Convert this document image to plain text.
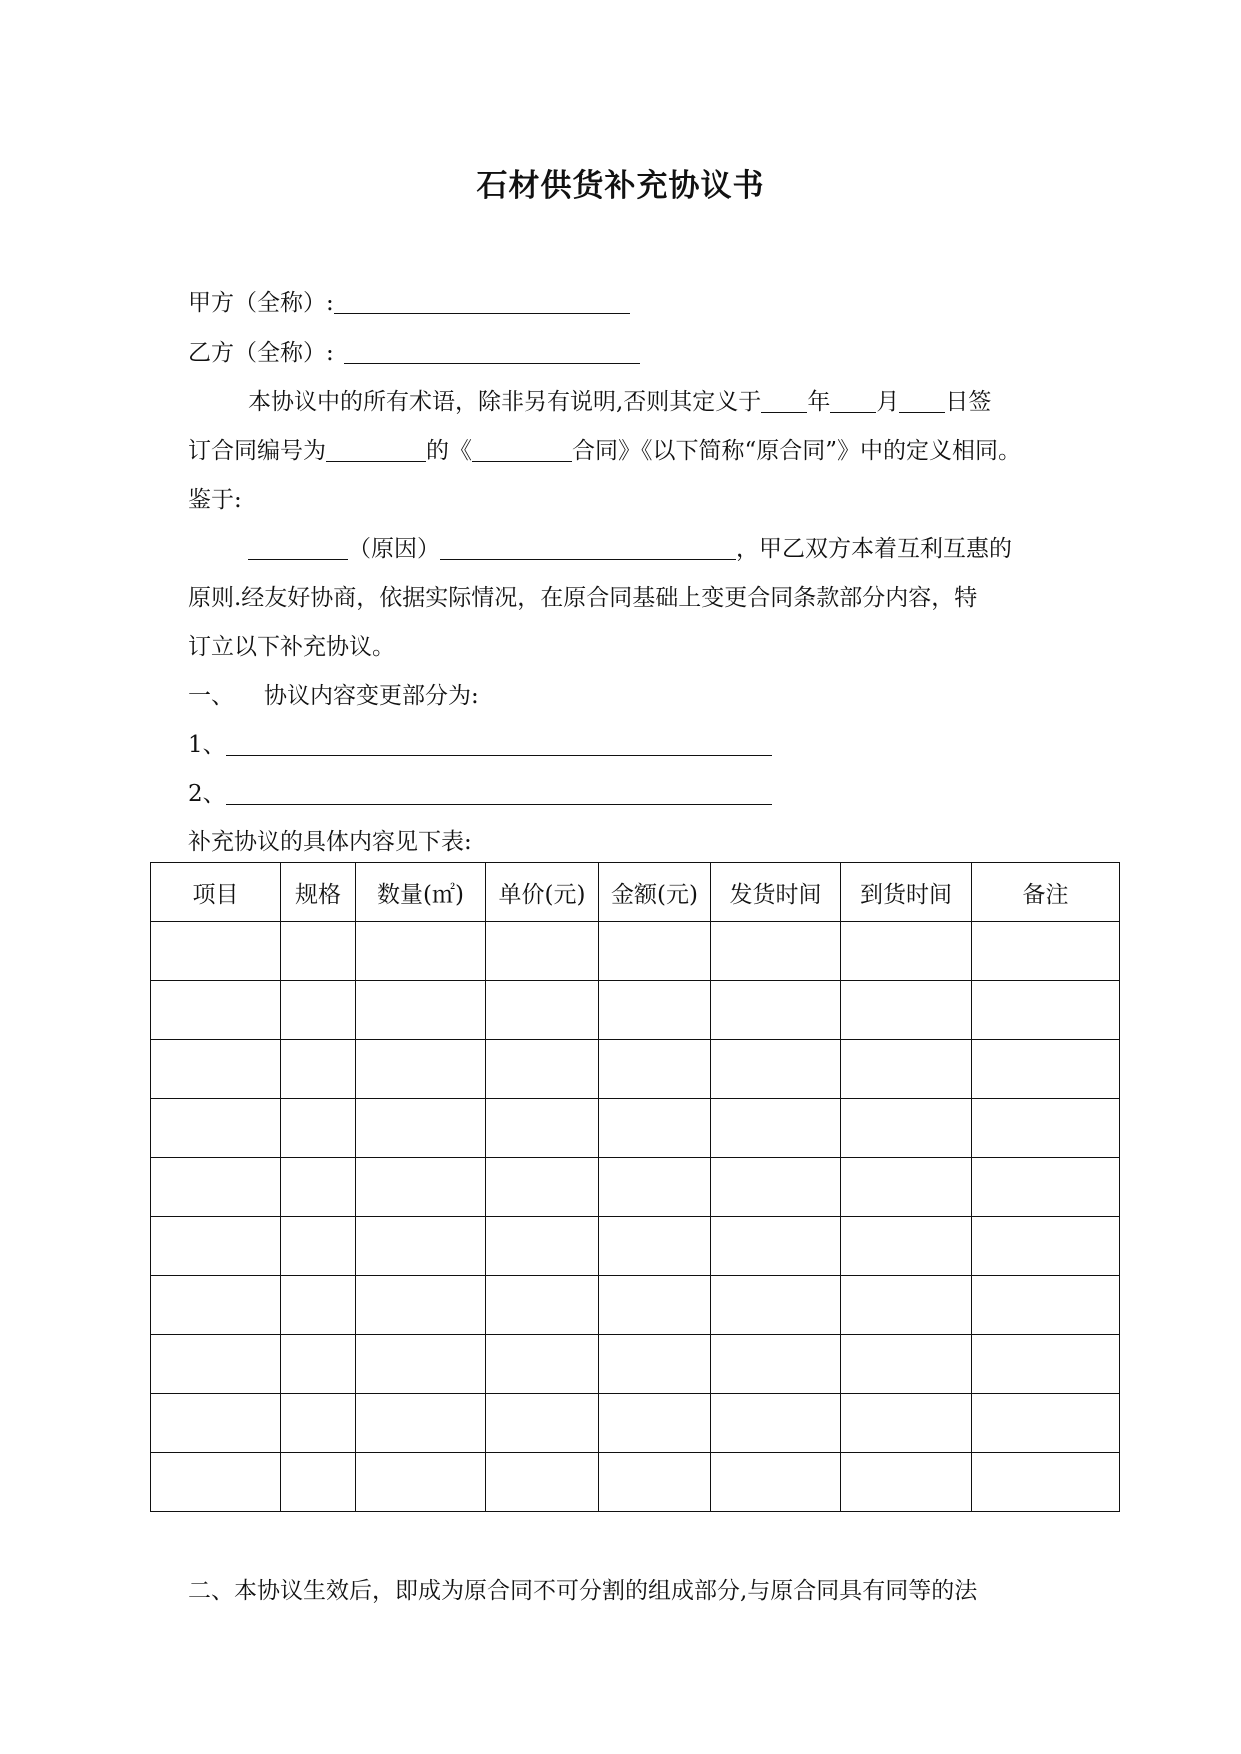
石材供货补充协议书
甲方（全称）:
乙方（全称）:
本协议中的所有术语，除非另有说明,否则其定义于 年 月 日签
订合同编号为	的《	合同》《以下简称“原合同”》中的定义相同。
鉴于:
（原因）	，甲乙双方本着互利互惠的
原则.经友好协商，依据实际情况，在原合同基础上变更合同条款部分内容，特
订立以下补充协议。
一、 协议内容变更部分为:
1、
2、
补充协议的具体内容见下表:
项目	规格	数量(㎡)	单价(元)	金额(元)	发货时间	到货时间	备注

二、本协议生效后，即成为原合同不可分割的组成部分,与原合同具有同等的法
